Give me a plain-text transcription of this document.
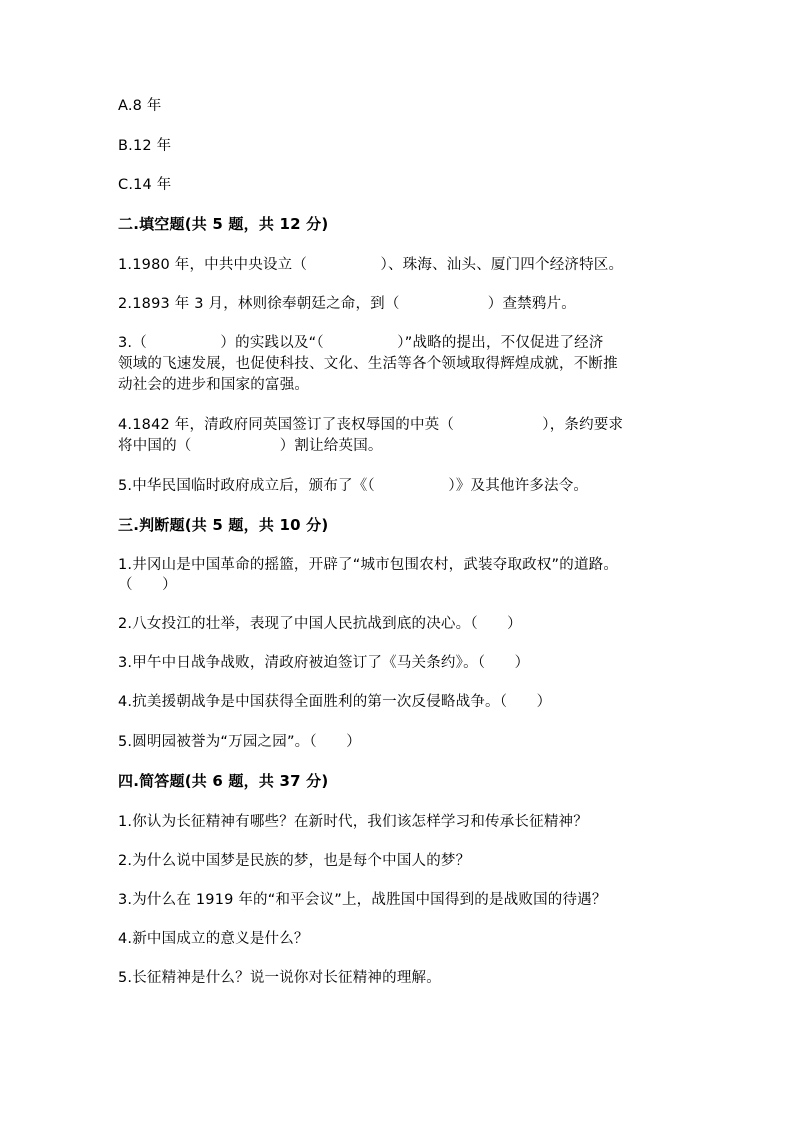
A.8 年
B.12 年
C.14 年
二.填空题(共 5 题，共 12 分)
1.1980 年，中共中央设立（　　　　　）、珠海、汕头、厦门四个经济特区。
2.1893 年 3 月，林则徐奉朝廷之命，到（　　　　　　）查禁鸦片。
3.（　　　　　）的实践以及“（　　　　　）”战略的提出，不仅促进了经济
领域的飞速发展，也促使科技、文化、生活等各个领域取得辉煌成就，不断推
动社会的进步和国家的富强。
4.1842 年，清政府同英国签订了丧权辱国的中英（　　　　　　），条约要求
将中国的（　　　　　　）割让给英国。
5.中华民国临时政府成立后，颁布了《（　　　　　）》及其他许多法令。
三.判断题(共 5 题，共 10 分)
1.井冈山是中国革命的摇篮，开辟了“城市包围农村，武装夺取政权”的道路。
（　　）
2.八女投江的壮举，表现了中国人民抗战到底的决心。（　　）
3.甲午中日战争战败，清政府被迫签订了《马关条约》。（　　）
4.抗美援朝战争是中国获得全面胜利的第一次反侵略战争。（　　）
5.圆明园被誉为“万园之园”。（　　）
四.简答题(共 6 题，共 37 分)
1.你认为长征精神有哪些？在新时代，我们该怎样学习和传承长征精神？
2.为什么说中国梦是民族的梦，也是每个中国人的梦？
3.为什么在 1919 年的“和平会议”上，战胜国中国得到的是战败国的待遇？
4.新中国成立的意义是什么？
5.长征精神是什么？说一说你对长征精神的理解。
